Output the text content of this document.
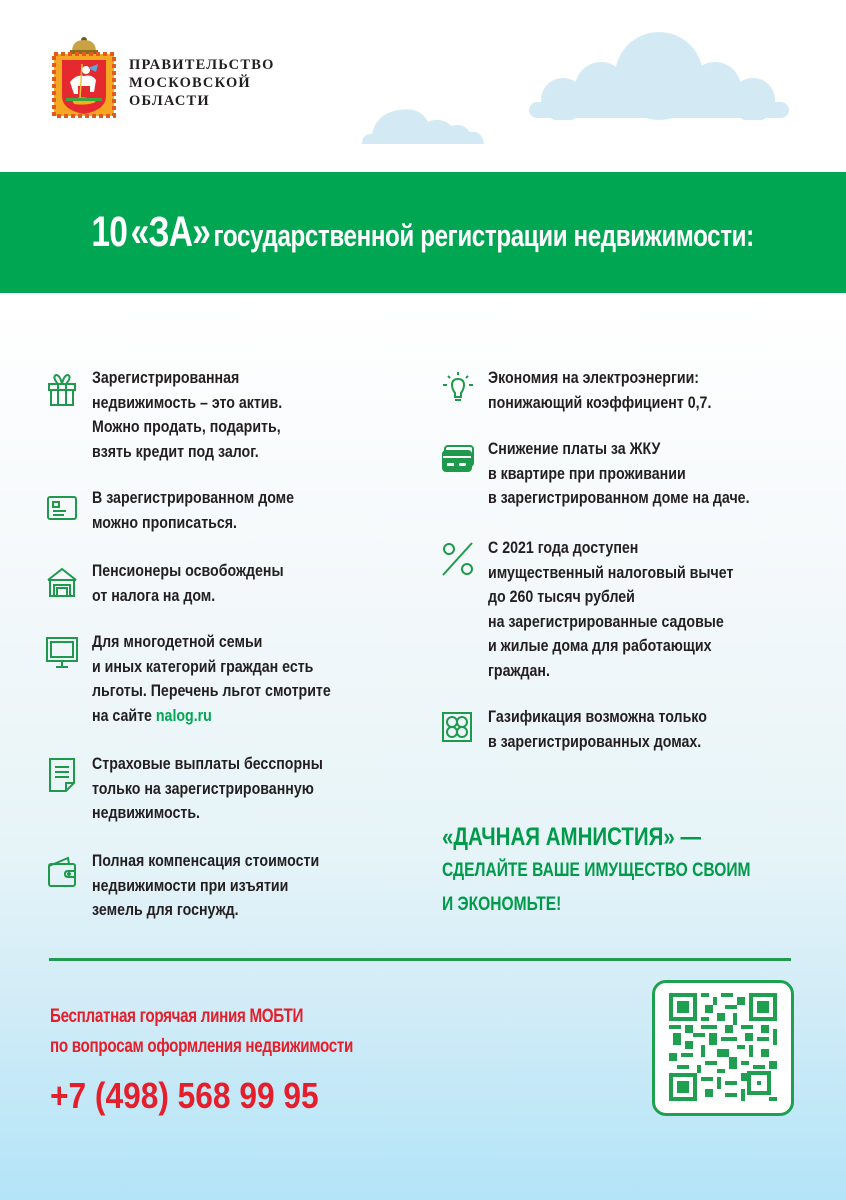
ПРАВИТЕЛЬСТВО
МОСКОВСКОЙ
ОБЛАСТИ
10 «ЗА» государственной регистрации недвижимости:
Зарегистрированная
недвижимость – это актив.
Можно продать, подарить,
взять кредит под залог.
В зарегистрированном доме
можно прописаться.
Пенсионеры освобождены
от налога на дом.
Для многодетной семьи
и иных категорий граждан есть
льготы. Перечень льгот смотрите
на сайте nalog.ru
Страховые выплаты бесспорны
только на зарегистрированную
недвижимость.
Полная компенсация стоимости
недвижимости при изъятии
земель для госнужд.
Экономия на электроэнергии:
понижающий коэффициент 0,7.
Снижение платы за ЖКУ
в квартире при проживании
в зарегистрированном доме на даче.
С 2021 года доступен
имущественный налоговый вычет
до 260 тысяч рублей
на зарегистрированные садовые
и жилые дома для работающих
граждан.
Газификация возможна только
в зарегистрированных домах.
«ДАЧНАЯ АМНИСТИЯ» —
СДЕЛАЙТЕ ВАШЕ ИМУЩЕСТВО СВОИМ
И ЭКОНОМЬТЕ!
Бесплатная горячая линия МОБТИ
по вопросам оформления недвижимости
+7 (498) 568 99 95
